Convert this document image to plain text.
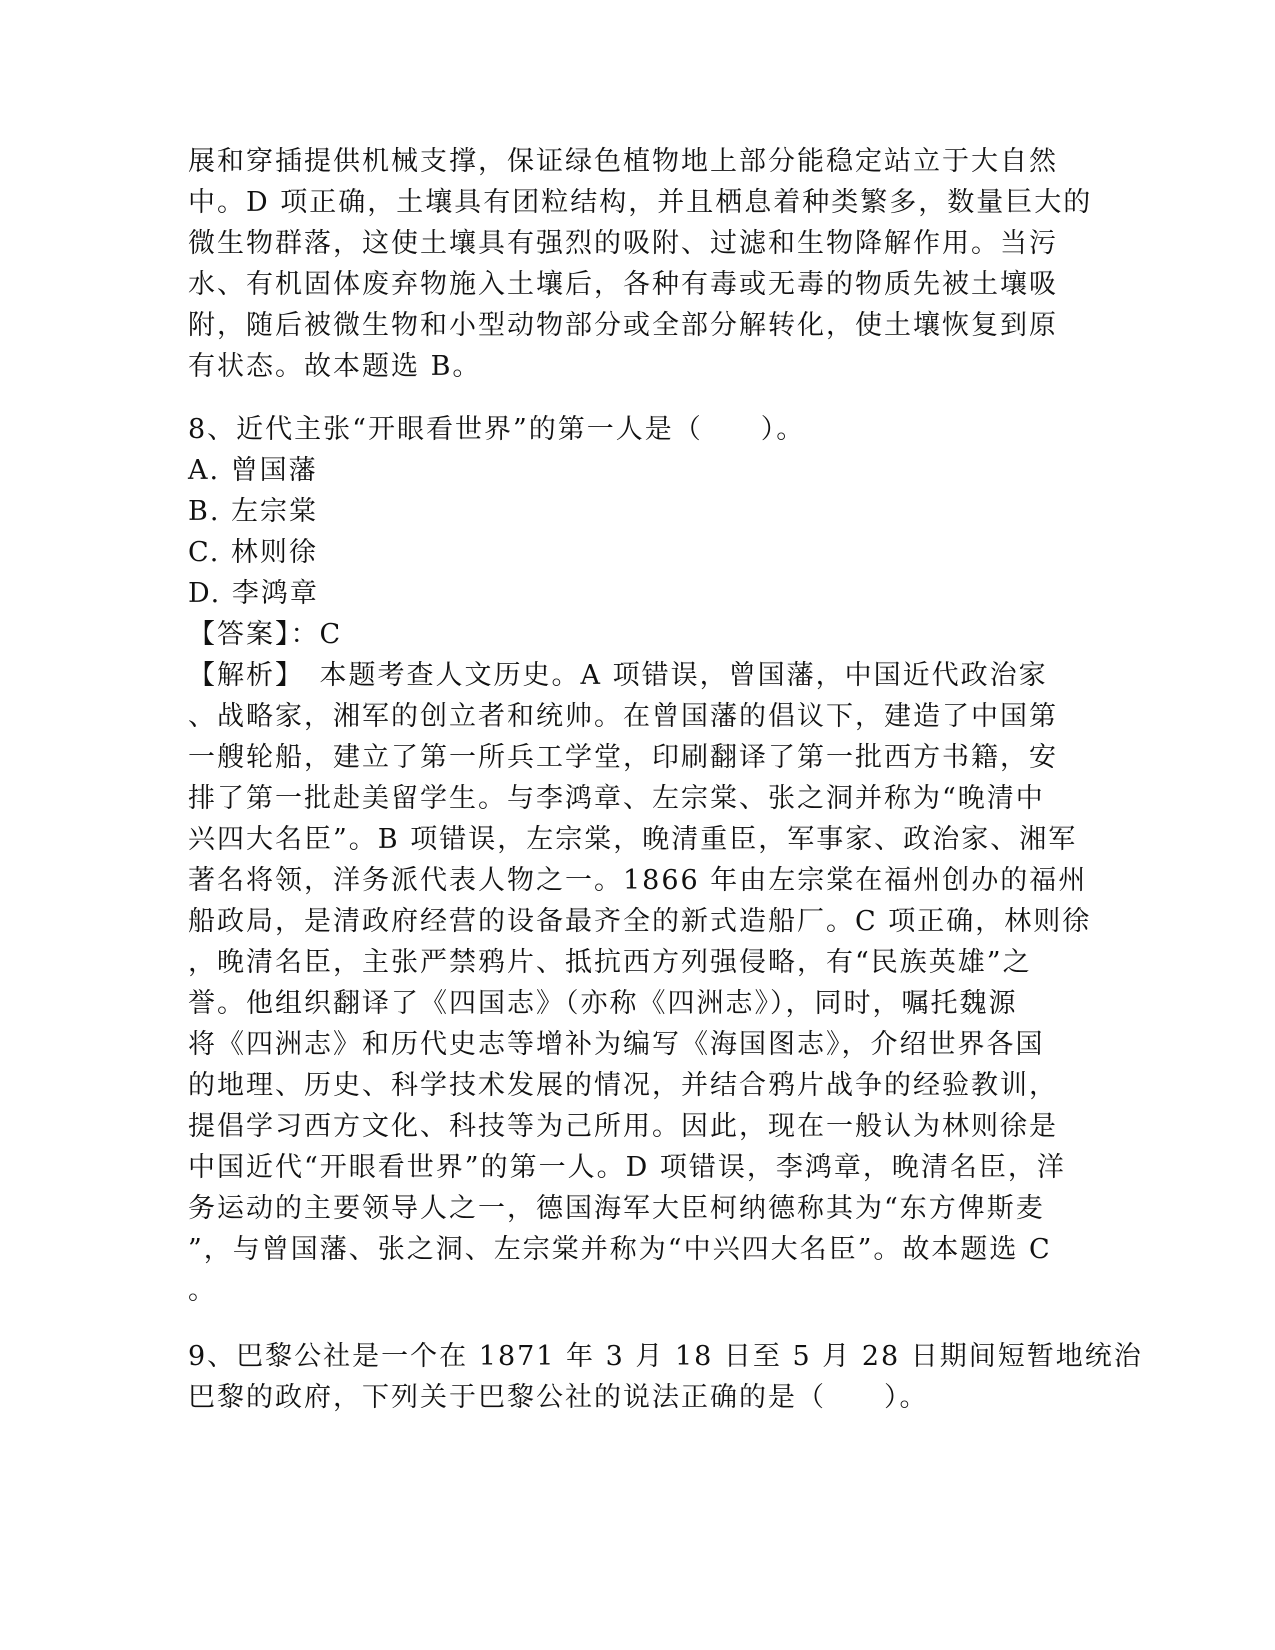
展和穿插提供机械支撑，保证绿色植物地上部分能稳定站立于大自然
中。D 项正确，土壤具有团粒结构，并且栖息着种类繁多，数量巨大的
微生物群落，这使土壤具有强烈的吸附、过滤和生物降解作用。当污
水、有机固体废弃物施入土壤后，各种有毒或无毒的物质先被土壤吸
附，随后被微生物和小型动物部分或全部分解转化，使土壤恢复到原
有状态。故本题选 B。
8、近代主张“开眼看世界”的第一人是（　　）。
A. 曾国藩
B. 左宗棠
C. 林则徐
D. 李鸿章
【答案】：C
【解析】　本题考查人文历史。A 项错误，曾国藩，中国近代政治家
、战略家，湘军的创立者和统帅。在曾国藩的倡议下，建造了中国第
一艘轮船，建立了第一所兵工学堂，印刷翻译了第一批西方书籍，安
排了第一批赴美留学生。与李鸿章、左宗棠、张之洞并称为“晚清中
兴四大名臣”。B 项错误，左宗棠，晚清重臣，军事家、政治家、湘军
著名将领，洋务派代表人物之一。1866 年由左宗棠在福州创办的福州
船政局，是清政府经营的设备最齐全的新式造船厂。C 项正确，林则徐
，晚清名臣，主张严禁鸦片、抵抗西方列强侵略，有“民族英雄”之
誉。他组织翻译了《四国志》（亦称《四洲志》），同时，嘱托魏源
将《四洲志》和历代史志等增补为编写《海国图志》，介绍世界各国
的地理、历史、科学技术发展的情况，并结合鸦片战争的经验教训，
提倡学习西方文化、科技等为己所用。因此，现在一般认为林则徐是
中国近代“开眼看世界”的第一人。D 项错误，李鸿章，晚清名臣，洋
务运动的主要领导人之一，德国海军大臣柯纳德称其为“东方俾斯麦
”，与曾国藩、张之洞、左宗棠并称为“中兴四大名臣”。故本题选 C
。
9、巴黎公社是一个在 1871 年 3 月 18 日至 5 月 28 日期间短暂地统治
巴黎的政府，下列关于巴黎公社的说法正确的是（　　）。
